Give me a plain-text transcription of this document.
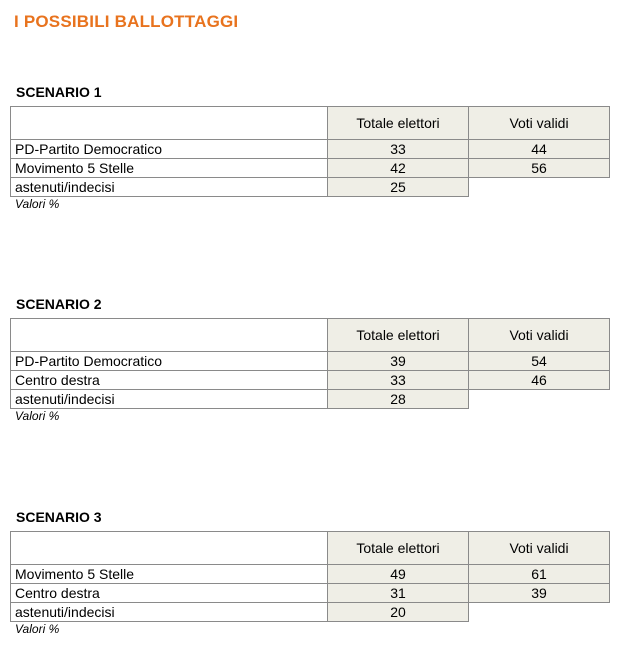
I POSSIBILI BALLOTTAGGI
SCENARIO 1
	Totale elettori	Voti validi
PD-Partito Democratico	33	44
Movimento 5 Stelle	42	56
astenuti/indecisi	25	
Valori %
SCENARIO 2
	Totale elettori	Voti validi
PD-Partito Democratico	39	54
Centro destra	33	46
astenuti/indecisi	28	
Valori %
SCENARIO 3
	Totale elettori	Voti validi
Movimento 5 Stelle	49	61
Centro destra	31	39
astenuti/indecisi	20	
Valori %
